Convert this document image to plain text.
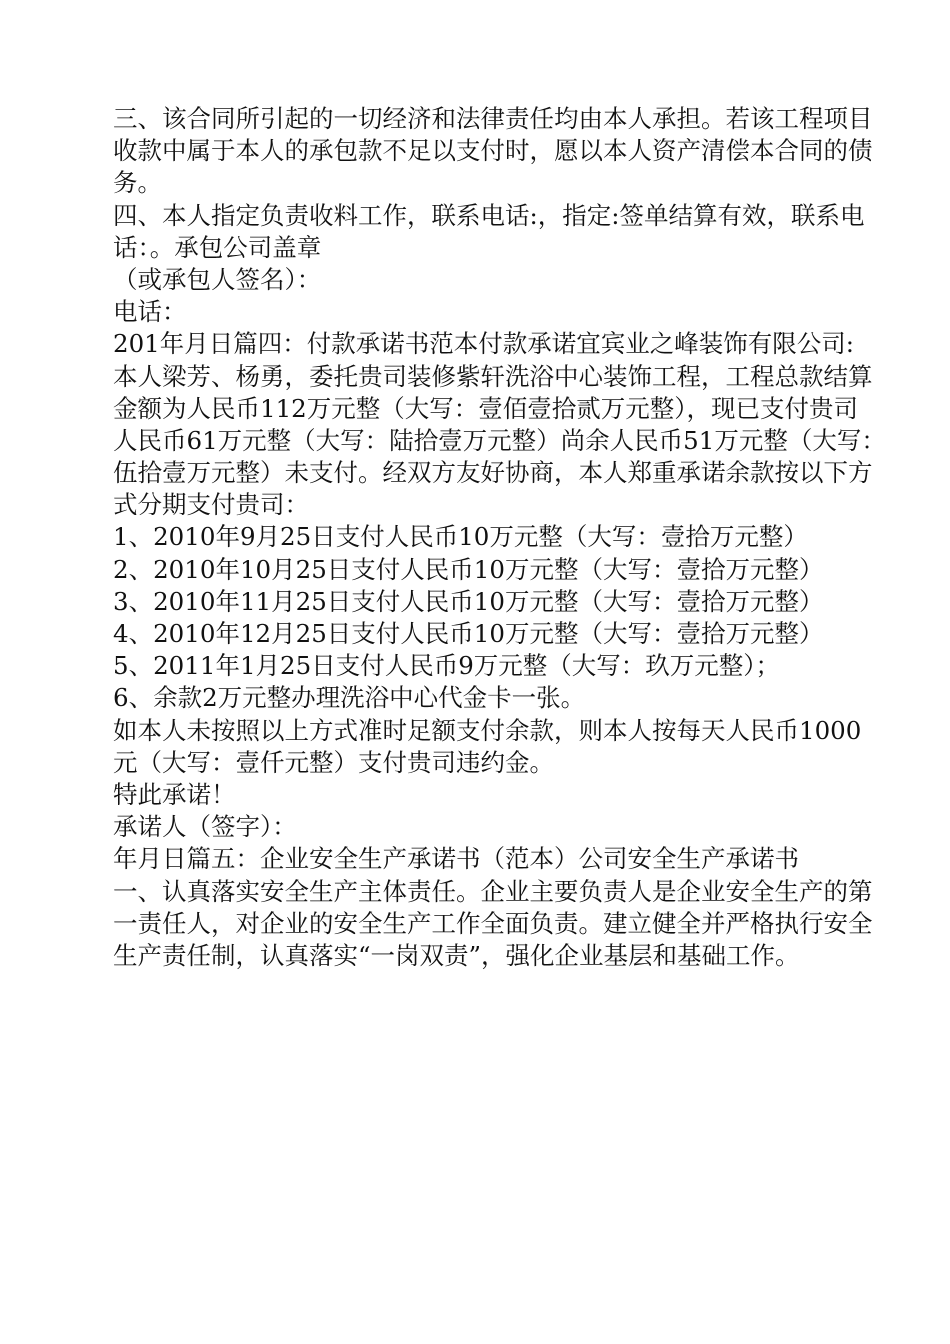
三、该合同所引起的一切经济和法律责任均由本人承担。若该工程项目
收款中属于本人的承包款不足以支付时，愿以本人资产清偿本合同的债
务。
四、本人指定负责收料工作，联系电话:，指定:签单结算有效，联系电
话：。承包公司盖章
（或承包人签名）：
电话：
201年月日篇四：付款承诺书范本付款承诺宜宾业之峰装饰有限公司:
本人梁芳、杨勇，委托贵司装修紫轩洗浴中心装饰工程，工程总款结算
金额为人民币112万元整（大写：壹佰壹拾贰万元整），现已支付贵司
人民币61万元整（大写：陆拾壹万元整）尚余人民币51万元整（大写：
伍拾壹万元整）未支付。经双方友好协商，本人郑重承诺余款按以下方
式分期支付贵司：
1、2010年9月25日支付人民币10万元整（大写：壹拾万元整）
2、2010年10月25日支付人民币10万元整（大写：壹拾万元整）
3、2010年11月25日支付人民币10万元整（大写：壹拾万元整）
4、2010年12月25日支付人民币10万元整（大写：壹拾万元整）
5、2011年1月25日支付人民币9万元整（大写：玖万元整）；
6、余款2万元整办理洗浴中心代金卡一张。
如本人未按照以上方式准时足额支付余款，则本人按每天人民币1000
元（大写：壹仟元整）支付贵司违约金。
特此承诺！
承诺人（签字）：
年月日篇五：企业安全生产承诺书（范本）公司安全生产承诺书
一、认真落实安全生产主体责任。企业主要负责人是企业安全生产的第
一责任人，对企业的安全生产工作全面负责。建立健全并严格执行安全
生产责任制，认真落实“一岗双责”，强化企业基层和基础工作。
